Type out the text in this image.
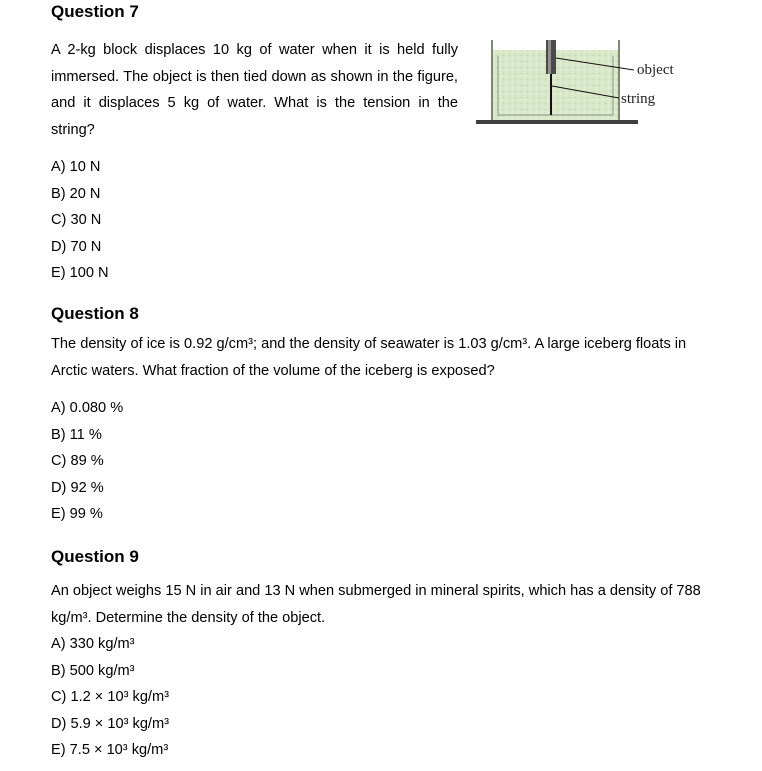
Question 7

A 2-kg block displaces 10 kg of water when it is held fully immersed. The object is then tied down as shown in the figure, and it displaces 5 kg of water. What is the tension in the string?

object
string
A) 10 N
B) 20 N
C) 30 N
D) 70 N
E) 100 N
Question 8

The density of ice is 0.92 g/cm³; and the density of seawater is 1.03 g/cm³. A large iceberg floats in Arctic waters. What fraction of the volume of the iceberg is exposed?

A) 0.080 %
B) 11 %
C) 89 %
D) 92 %
E) 99 %
Question 9

An object weighs 15 N in air and 13 N when submerged in mineral spirits, which has a density of 788 kg/m³. Determine the density of the object.

A) 330 kg/m³
B) 500 kg/m³
C) 1.2 × 10³ kg/m³
D) 5.9 × 10³ kg/m³
E) 7.5 × 10³ kg/m³
